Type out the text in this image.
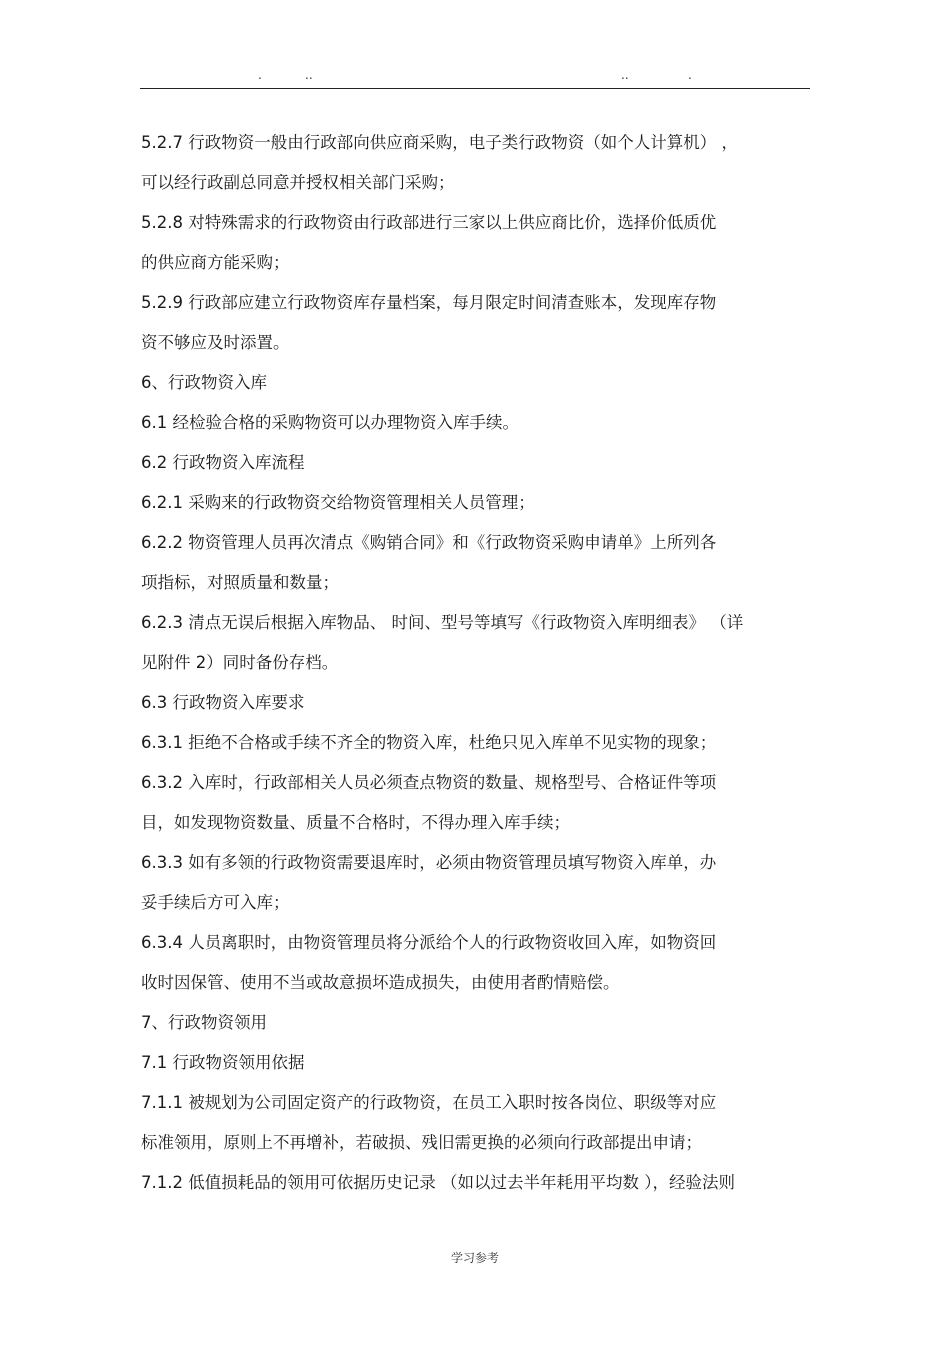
.	..	..	.
5.2.7 行政物资一般由行政部向供应商采购，电子类行政物资（如个人计算机） ，
可以经行政副总同意并授权相关部门采购；
5.2.8 对特殊需求的行政物资由行政部进行三家以上供应商比价，选择价低质优
的供应商方能采购；
5.2.9 行政部应建立行政物资库存量档案，每月限定时间清查账本，发现库存物
资不够应及时添置。
6、行政物资入库
6.1 经检验合格的采购物资可以办理物资入库手续。
6.2 行政物资入库流程
6.2.1 采购来的行政物资交给物资管理相关人员管理；
6.2.2 物资管理人员再次清点《购销合同》和《行政物资采购申请单》上所列各
项指标，对照质量和数量；
6.2.3 清点无误后根据入库物品、 时间、型号等填写《行政物资入库明细表》 （详
见附件 2）同时备份存档。
6.3 行政物资入库要求
6.3.1 拒绝不合格或手续不齐全的物资入库，杜绝只见入库单不见实物的现象；
6.3.2 入库时，行政部相关人员必须查点物资的数量、规格型号、合格证件等项
目，如发现物资数量、质量不合格时，不得办理入库手续；
6.3.3 如有多领的行政物资需要退库时，必须由物资管理员填写物资入库单，办
妥手续后方可入库；
6.3.4 人员离职时，由物资管理员将分派给个人的行政物资收回入库，如物资回
收时因保管、使用不当或故意损坏造成损失，由使用者酌情赔偿。
7、行政物资领用
7.1 行政物资领用依据
7.1.1 被规划为公司固定资产的行政物资，在员工入职时按各岗位、职级等对应
标准领用，原则上不再增补，若破损、残旧需更换的必须向行政部提出申请；
7.1.2 低值损耗品的领用可依据历史记录 （如以过去半年耗用平均数 ），经验法则
学习参考
